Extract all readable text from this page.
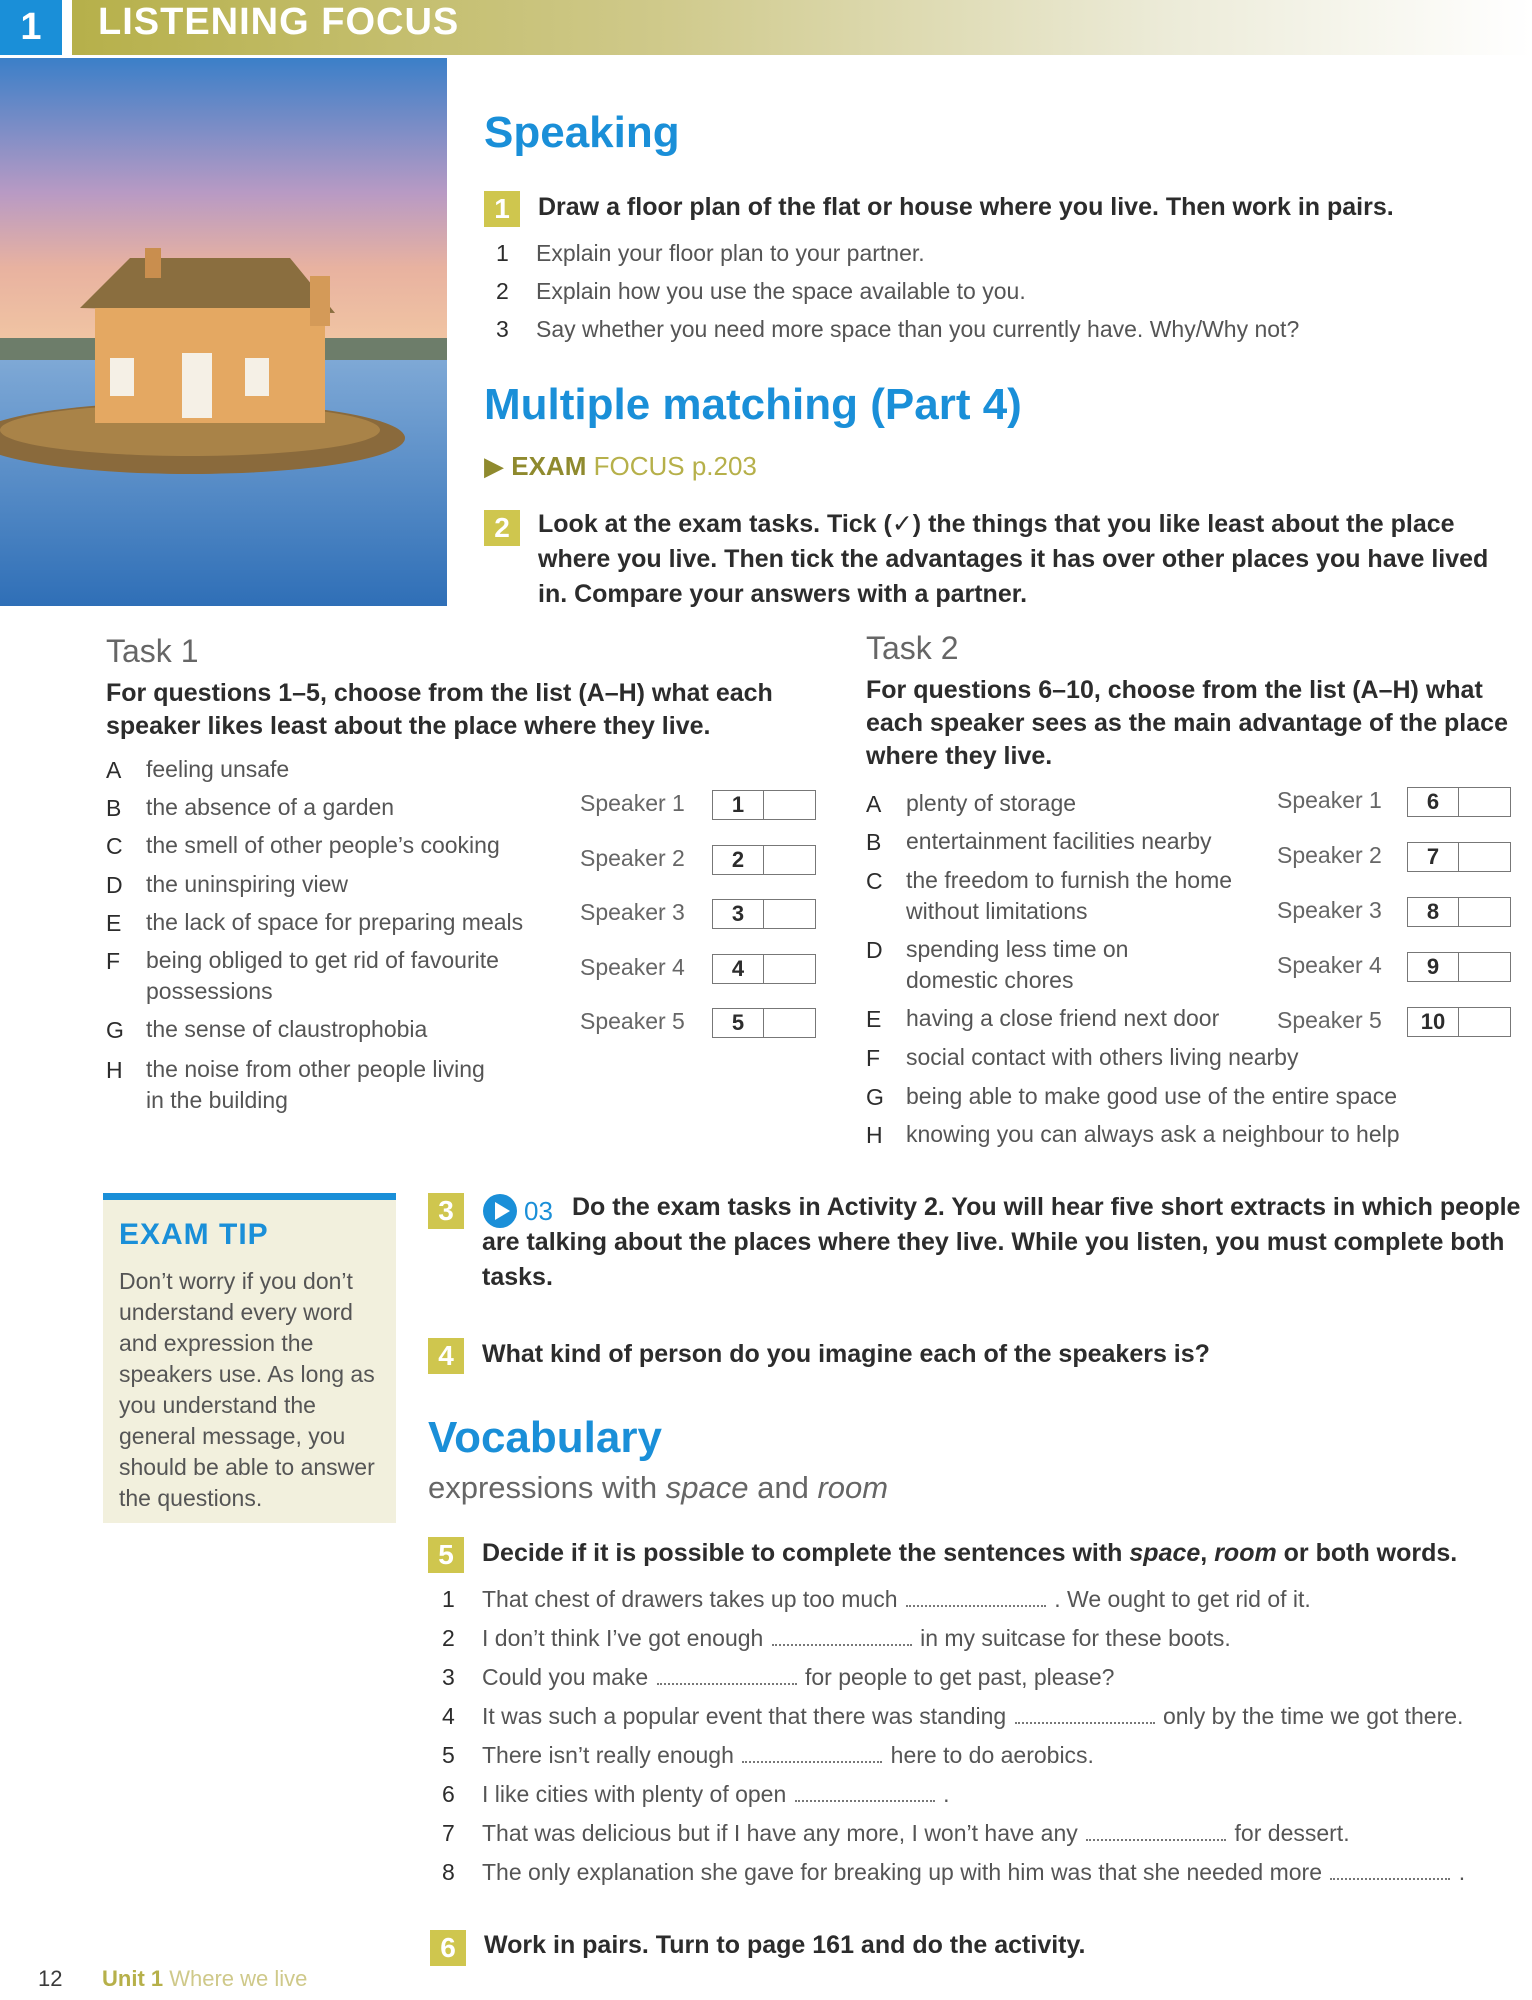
1 LISTENING FOCUS
Speaking
1	Draw a floor plan of the flat or house where you live. Then work in pairs.
1 Explain your floor plan to your partner.
2 Explain how you use the space available to you.
3 Say whether you need more space than you currently have. Why/Why not?
Multiple matching (Part 4)
▶ EXAM FOCUS p.203
2	Look at the exam tasks. Tick (✓) the things that you like least about the place where you live. Then tick the advantages it has over other places you have lived in. Compare your answers with a partner.
Task 1
For questions 1–5, choose from the list (A–H) what each speaker likes least about the place where they live.
A feeling unsafe
B the absence of a garden
C the smell of other people’s cooking
D the uninspiring view
E the lack of space for preparing meals
F being obliged to get rid of favourite
possessions
G the sense of claustrophobia
H the noise from other people living
in the building
Speaker 1	1
Speaker 2	2
Speaker 3	3
Speaker 4	4
Speaker 5	5
Task 2
For questions 6–10, choose from the list (A–H) what each speaker sees as the main advantage of the place where they live.
A plenty of storage
B entertainment facilities nearby
C the freedom to furnish the home
without limitations
D spending less time on
domestic chores
E having a close friend next door
F social contact with others living nearby
G being able to make good use of the entire space
H knowing you can always ask a neighbour to help
Speaker 1	6
Speaker 2	7
Speaker 3	8
Speaker 4	9
Speaker 5	10
EXAM TIP
Don’t worry if you don’t understand every word and expression the speakers use. As long as you understand the general message, you should be able to answer the questions.
3	03 Do the exam tasks in Activity 2. You will hear five short extracts in which people are talking about the places where they live. While you listen, you must complete both tasks.
4	What kind of person do you imagine each of the speakers is?
Vocabulary
expressions with space and room
5	Decide if it is possible to complete the sentences with space, room or both words.
1 That chest of drawers takes up too much	. We ought to get rid of it.
2 I don’t think I’ve got enough	in my suitcase for these boots.
3 Could you make	for people to get past, please?
4 It was such a popular event that there was standing	only by the time we got there.
5 There isn’t really enough	here to do aerobics.
6 I like cities with plenty of open	.
7 That was delicious but if I have any more, I won’t have any	for dessert.
8 The only explanation she gave for breaking up with him was that she needed more	.
6	Work in pairs. Turn to page 161 and do the activity.
12 Unit 1 Where we live
